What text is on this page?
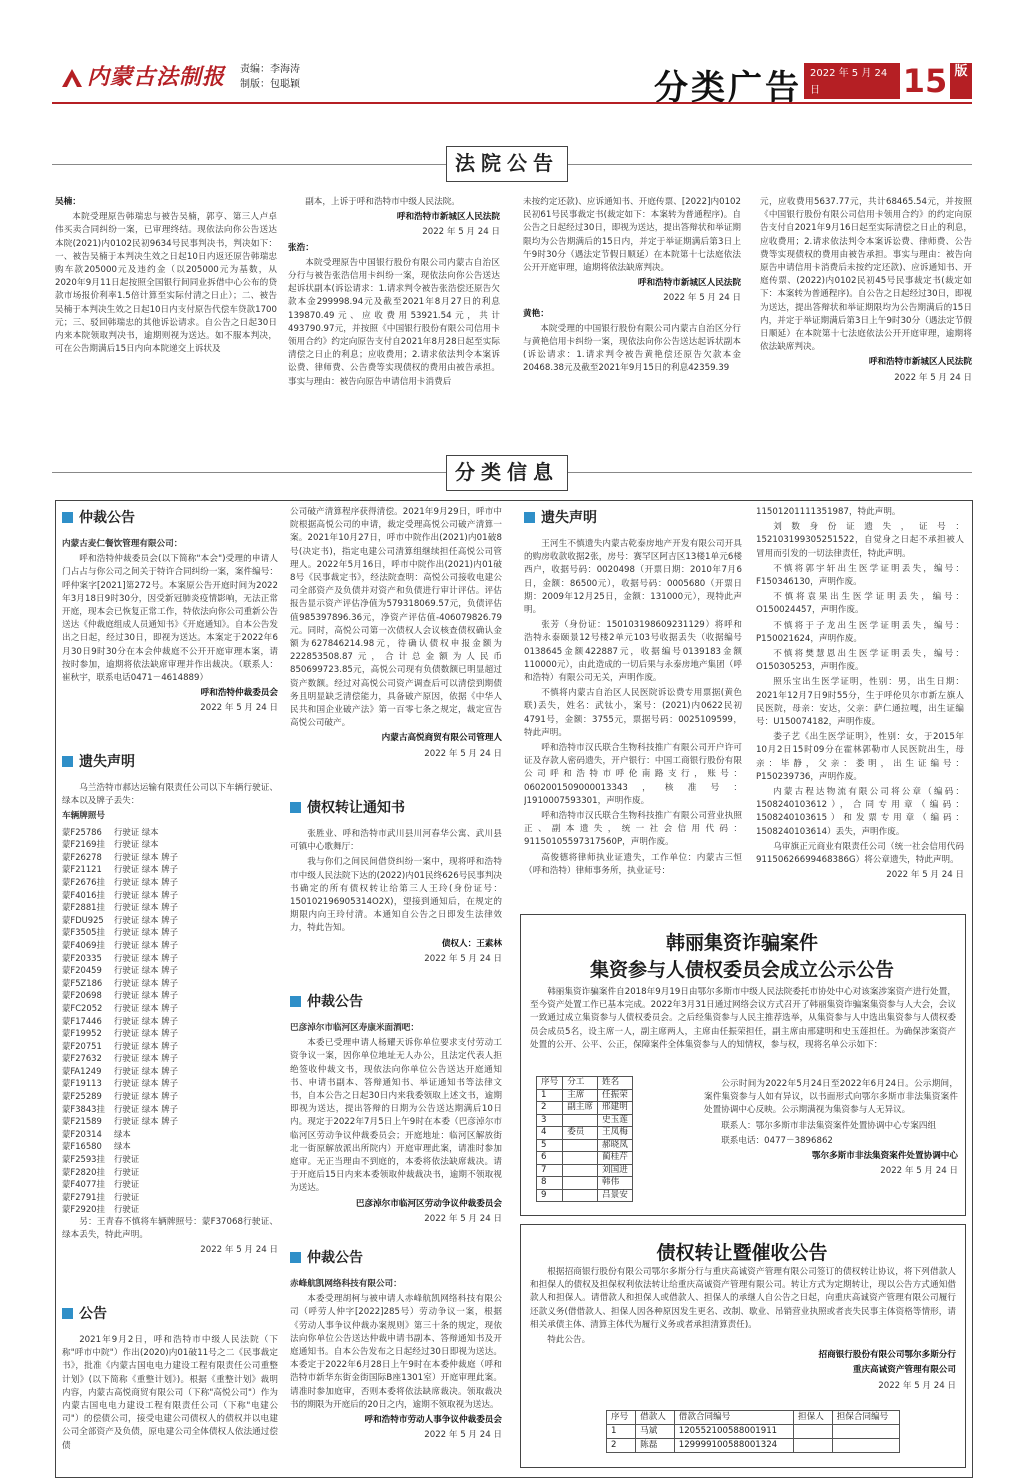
内蒙古法制报	责编：李海涛
制版：包聪颖	分类广告 2022 年 5 月 24 日
星期二
15 版
法院公告

吴楠：

本院受理原告韩瑞忠与被告吴楠，郭亨、第三人卢卓伟买卖合同纠纷一案，已审理终结。现依法向你公告送达本院(2021)内0102民初9634号民事判决书，判决如下：一、被告吴楠于本判决生效之日起10日内返还原告韩瑞忠购车款205000元及违约金（以205000元为基数，从2020年9月11日起按照全国银行间同业拆借中心公布的贷款市场报价利率1.5倍计算至实际付清之日止）；二、被告吴楠于本判决生效之日起10日内支付原告代偿车贷款1700元；三、驳回韩瑞忠的其他诉讼请求。自公告之日起30日内来本院领取判决书，逾期则视为送达。如不服本判决，可在公告期满后15日内向本院递交上诉状及

副本，上诉于呼和浩特市中级人民法院。

呼和浩特市新城区人民法院

2022 年 5 月 24 日

张浩：

本院受理原告中国银行股份有限公司内蒙古自治区分行与被告张浩信用卡纠纷一案，现依法向你公告送达起诉状副本(诉讼请求：1.请求判令被告张浩偿还原告欠款本金299998.94元及截至2021年8月27日的利息139870.49元、应收费用53921.54元，共计493790.97元，并按照《中国银行股份有限公司信用卡领用合约》约定向原告支付自2021年8月28日起至实际清偿之日止的利息；应收费用；2.请求依法判令本案诉讼费、律师费、公告费等实现债权的费用由被告承担。事实与理由：被告向原告申请信用卡消费后

未按约定还款)、应诉通知书、开庭传票、[2022]内0102民初61号民事裁定书(裁定如下：本案转为普通程序)。自公告之日起经过30日，即视为送达，提出答辩状和举证期限均为公告期满后的15日内，并定于举证期满后第3日上午9时30分（遇法定节假日顺延）在本院第十七法庭依法公开开庭审理，逾期将依法缺席判决。

呼和浩特市新城区人民法院

2022 年 5 月 24 日

黄艳：

本院受理的中国银行股份有限公司内蒙古自治区分行与黄艳信用卡纠纷一案，现依法向你公告送达起诉状副本(诉讼请求：1.请求判令被告黄艳偿还原告欠款本金20468.38元及截至2021年9月15日的利息42359.39

元，应收费用5637.77元，共计68465.54元，并按照《中国银行股份有限公司信用卡领用合约》的约定向原告支付自2021年9月16日起至实际清偿之日止的利息，应收费用；2.请求依法判令本案诉讼费、律师费、公告费等实现债权的费用由被告承担。事实与理由：被告向原告申请信用卡消费后未按约定还款)、应诉通知书、开庭传票、(2022)内0102民初45号民事裁定书(裁定如下：本案转为普通程序)。自公告之日起经过30日，即视为送达，提出答辩状和举证期限均为公告期满后的15日内，并定于举证期满后第3日上午9时30分（遇法定节假日顺延）在本院第十七法庭依法公开开庭审理，逾期将依法缺席判决。

呼和浩特市新城区人民法院

2022 年 5 月 24 日

分类信息
仲裁公告

内蒙古麦仁餐饮管理有限公司：

呼和浩特仲裁委员会(以下简称"本会")受理的申请人门占占与你公司之间关于特许合同纠纷一案，案件编号：呼仲案字[2021]第272号。本案原公告开庭时间为2022年3月18日9时30分，因受新冠肺炎疫情影响，无法正常开庭，现本会已恢复正常工作，特依法向你公司重新公告送达《仲裁庭组成人员通知书》《开庭通知》。自本公告发出之日起，经过30日，即视为送达。本案定于2022年6月30日9时30分在本会仲裁庭不公开开庭审理本案，请按时参加，逾期将依法缺席审理并作出裁决。（联系人：崔秋宇，联系电话0471－4614889）

呼和浩特仲裁委员会

2022 年 5 月 24 日

遗失声明

乌兰浩特市郝达运输有限责任公司以下车辆行驶证、绿本以及牌子丢失：

车辆牌照号

蒙F25786	行驶证 绿本
蒙F2169挂	行驶证 绿本
蒙F26278	行驶证 绿本 牌子
蒙F21121	行驶证 绿本 牌子
蒙F2676挂	行驶证 绿本 牌子
蒙F4016挂	行驶证 绿本 牌子
蒙F2881挂	行驶证 绿本 牌子
蒙FDU925	行驶证 绿本 牌子
蒙F3505挂	行驶证 绿本 牌子
蒙F4069挂	行驶证 绿本 牌子
蒙F20335	行驶证 绿本 牌子
蒙F20459	行驶证 绿本 牌子
蒙F5Z186	行驶证 绿本 牌子
蒙F20698	行驶证 绿本 牌子
蒙FC2052	行驶证 绿本 牌子
蒙F17446	行驶证 绿本 牌子
蒙F19952	行驶证 绿本 牌子
蒙F20751	行驶证 绿本 牌子
蒙F27632	行驶证 绿本 牌子
蒙FA1249	行驶证 绿本 牌子
蒙F19113	行驶证 绿本 牌子
蒙F25289	行驶证 绿本 牌子
蒙F3843挂	行驶证 绿本 牌子
蒙F21589	行驶证 绿本 牌子
蒙F20314	绿本
蒙F16580	绿本
蒙F2593挂	行驶证
蒙F2820挂	行驶证
蒙F4077挂	行驶证
蒙F2791挂	行驶证
蒙F2920挂	行驶证

另：王青春不慎将车辆牌照号：蒙F37068行驶证、绿本丢失，特此声明。

2022 年 5 月 24 日

公告

2021年9月2日，呼和浩特市中级人民法院（下称"呼市中院"）作出(2020)内01破11号之二《民事裁定书》，批准《内蒙古国电电力建设工程有限责任公司重整计划》(以下简称《重整计划》)。根据《重整计划》裁明内容，内蒙古高悦商贸有限公司（下称"高悦公司"）作为内蒙古国电电力建设工程有限责任公司（下称"电建公司"）的偿债公司，接受电建公司债权人的债权并以电建公司全部资产及负债，原电建公司全体债权人依法通过偿债

公司破产清算程序获得清偿。2021年9月29日，呼市中院根据高悦公司的申请，裁定受理高悦公司破产清算一案。2021年10月27日，呼市中院作出(2021)内01破8号(决定书)，指定电建公司清算组继续担任高悦公司管理人。2022年5月16日，呼市中院作出(2021)内01破8号《民事裁定书》，经法院查明：高悦公司接收电建公司全部资产及负债并对资产和负债进行审计评估。评估报告显示资产评估净值为579318069.57元，负债评估值985397896.36元，净资产评估值-406079826.79元。同时，高悦公司第一次债权人会议核查债权确认金额为627846214.98元，待确认债权申报金额为222853508.87元，合计总金额为人民币850699723.85元，高悦公司现有负债数额已明显超过资产数额。经过对高悦公司资产调查后可以清偿到期债务且明显缺乏清偿能力，具备破产原因，依据《中华人民共和国企业破产法》第一百零七条之规定，裁定宣告高悦公司破产。

内蒙古高悦商贸有限公司管理人

2022 年 5 月 24 日

债权转让通知书

张胜业、呼和浩特市武川县川河春华公寓、武川县可镇中心歌舞厅：

我与你们之间民间借贷纠纷一案中，现将呼和浩特市中级人民法院下达的(2022)内01民终626号民事判决书确定的所有债权转让给第三人王玲(身份证号：150102196905314O2X)，望接到通知后，在规定的期限内向王玲付清。本通知自公告之日即发生法律效力，特此告知。

债权人：王素林

2022 年 5 月 24 日

仲裁公告

巴彦淖尔市临河区寿康米面酒吧：

本委已受理申请人杨耀天诉你单位要求支付劳动工资争议一案，因你单位地址无人办公，且法定代表人拒绝签收仲裁文书，现依法向你单位公告送达开庭通知书、申请书副本、答辩通知书、举证通知书等法律文书，自本公告之日起30日内来我委领取上述文书，逾期即视为送达，提出答辩的日期为公告送达期满后10日内。现定于2022年7月5日上午9时在本委（巴彦淖尔市临河区劳动争议仲裁委员会；开庭地址：临河区解放街北一街原解放派出所院内）开庭审理此案，请准时参加庭审。无正当理由不到庭的，本委将依法缺席裁决。请于开庭后15日内来本委领取仲裁裁决书，逾期不领取视为送达。

巴彦淖尔市临河区劳动争议仲裁委员会

2022 年 5 月 24 日

仲裁公告

赤峰航凯网络科技有限公司：

本委受理胡柯与被申请人赤峰航凯网络科技有限公司（呼劳人仲字[2022]285号）劳动争议一案，根据《劳动人事争议仲裁办案规则》第三十条的规定，现依法向你单位公告送达仲裁申请书副本、答辩通知书及开庭通知书。自本公告发布之日起经过30日即视为送达。本委定于2022年6月28日上午9时在本委仲裁庭（呼和浩特市新华东街金街国际B座1301室）开庭审理此案。请准时参加庭审，否则本委将依法缺席裁决。领取裁决书的期限为开庭后的20日之内，逾期不领取视为送达。

呼和浩特市劳动人事争议仲裁委员会

2022 年 5 月 24 日

遗失声明

王河生不慎遗失内蒙古乾泰房地产开发有限公司开具的购房收款收据2张，房号：赛罕区阿吉区13楼1单元6楼西户，收据号码：0020498（开票日期：2010年7月6日，金额：86500元），收据号码：0005680（开票日期：2009年12月25日，金额：131000元），现特此声明。

张芳（身份证：150103198609231129）将呼和浩特永泰颐景12号楼2单元103号收据丢失（收据编号0138645金额422887元，收据编号0139183金额110000元），由此造成的一切后果与永泰房地产集团（呼和浩特）有限公司无关，声明作废。

不慎将内蒙古自治区人民医院诉讼费专用票据(黄色联)丢失，姓名：武钛小，案号：(2021)内0622民初4791号，金额：3755元，票据号码：0025109599，特此声明。

呼和浩特市汉氏联合生物科技推广有限公司开户许可证及存款人密码遗失，开户银行：中国工商银行股份有限公司呼和浩特市呼伦南路支行，账号：0602001509000013343，核准号：J1910007593301，声明作废。

呼和浩特市汉氏联合生物科技推广有限公司营业执照正、副本遗失，统一社会信用代码：91150105597317560P，声明作废。

高俊德将律师执业证遗失，工作单位：内蒙古三恒（呼和浩特）律师事务所，执业证号：

11501201111351987，特此声明。

刘数身份证遗失，证号：152103199305251522，自觉身之日起不承担被人冒用而引发的一切法律责任，特此声明。

不慎将郭宇轩出生医学证明丢失，编号：F150346130，声明作废。

不慎将袁果出生医学证明丢失，编号：O150024457，声明作废。

不慎将于子龙出生医学证明丢失，编号：P150021624，声明作废。

不慎将樊慧恩出生医学证明丢失，编号：O150305253，声明作废。

照乐宝出生医学证明，性别：男，出生日期：2021年12月7日9时55分，生于呼伦贝尔市新左旗人民医院，母亲：安达，父亲：萨仁通拉嘎，出生证编号：U150074182，声明作废。

娄子艺《出生医学证明》，性别：女，于2015年10月2日15时09分在霍林郭勒市人民医院出生，母亲：毕静，父亲：娄明，出生证编号：P150239736，声明作废。

内蒙古程达物流有限公司将公章（编码：1508240103612），合同专用章（编码：1508240103615）和发票专用章（编码：1508240103614）丢失，声明作废。

乌审旗正元商业有限责任公司（统一社会信用代码91150626699468386G）将公章遗失，特此声明。

2022 年 5 月 24 日

韩丽集资诈骗案件
集资参与人债权委员会成立公示公告

韩丽集资诈骗案件自2018年9月19日由鄂尔多斯市中级人民法院委托市协处中心对该案涉案资产进行处置，至今资产处置工作已基本完成。2022年3月31日通过网络会议方式召开了韩丽集资诈骗案集资参与人大会，会议一致通过成立集资参与人债权委员会。之后经集资参与人民主推荐选举，从集资参与人中选出集资参与人债权委员会成员5名，设主席一人，副主席两人，主席由任振荣担任，副主席由邢建明和史玉莲担任。为确保涉案资产处置的公开、公平、公正，保障案件全体集资参与人的知情权，参与权，现将名单公示如下：

序号	分工	姓名
1	主席	任振荣
2	副主席	邢建明
3		史玉莲
4	委员	王凤梅
5		郝晓凤
6		蔺桂芹
7		刘国进
8		韩伟
9		吕景安

公示时间为2022年5月24日至2022年6月24日。公示期间，案件集资参与人如有异议，以书面形式向鄂尔多斯市非法集资案件处置协调中心反映。公示期满视为集资参与人无异议。

联系人：鄂尔多斯市非法集资案件处置协调中心专案四组

联系电话：0477－3896862

鄂尔多斯市非法集资案件处置协调中心

2022 年 5 月 24 日

债权转让暨催收公告

根据招商银行股份有限公司鄂尔多斯分行与重庆高诚资产管理有限公司签订的债权转让协议，将下列借款人和担保人的债权及担保权利依法转让给重庆高诚资产管理有限公司。转让方式为定期转让，现以公告方式通知借款人和担保人。请借款人和担保人或借款人、担保人的承继人自公告之日起，向重庆高诚资产管理有限公司履行还款义务(借借款人、担保人因各种原因发生更名、改制、歇业、吊销营业执照或者丧失民事主体资格等情形，请相关承债主体、清算主体代为履行义务或者承担清算责任)。

特此公告。

招商银行股份有限公司鄂尔多斯分行

重庆高诚资产管理有限公司

2022 年 5 月 24 日

序号	借款人	借款合同编号	担保人	担保合同编号
1	马斌	120552100588001911		
2	陈磊	129999100588001324		
